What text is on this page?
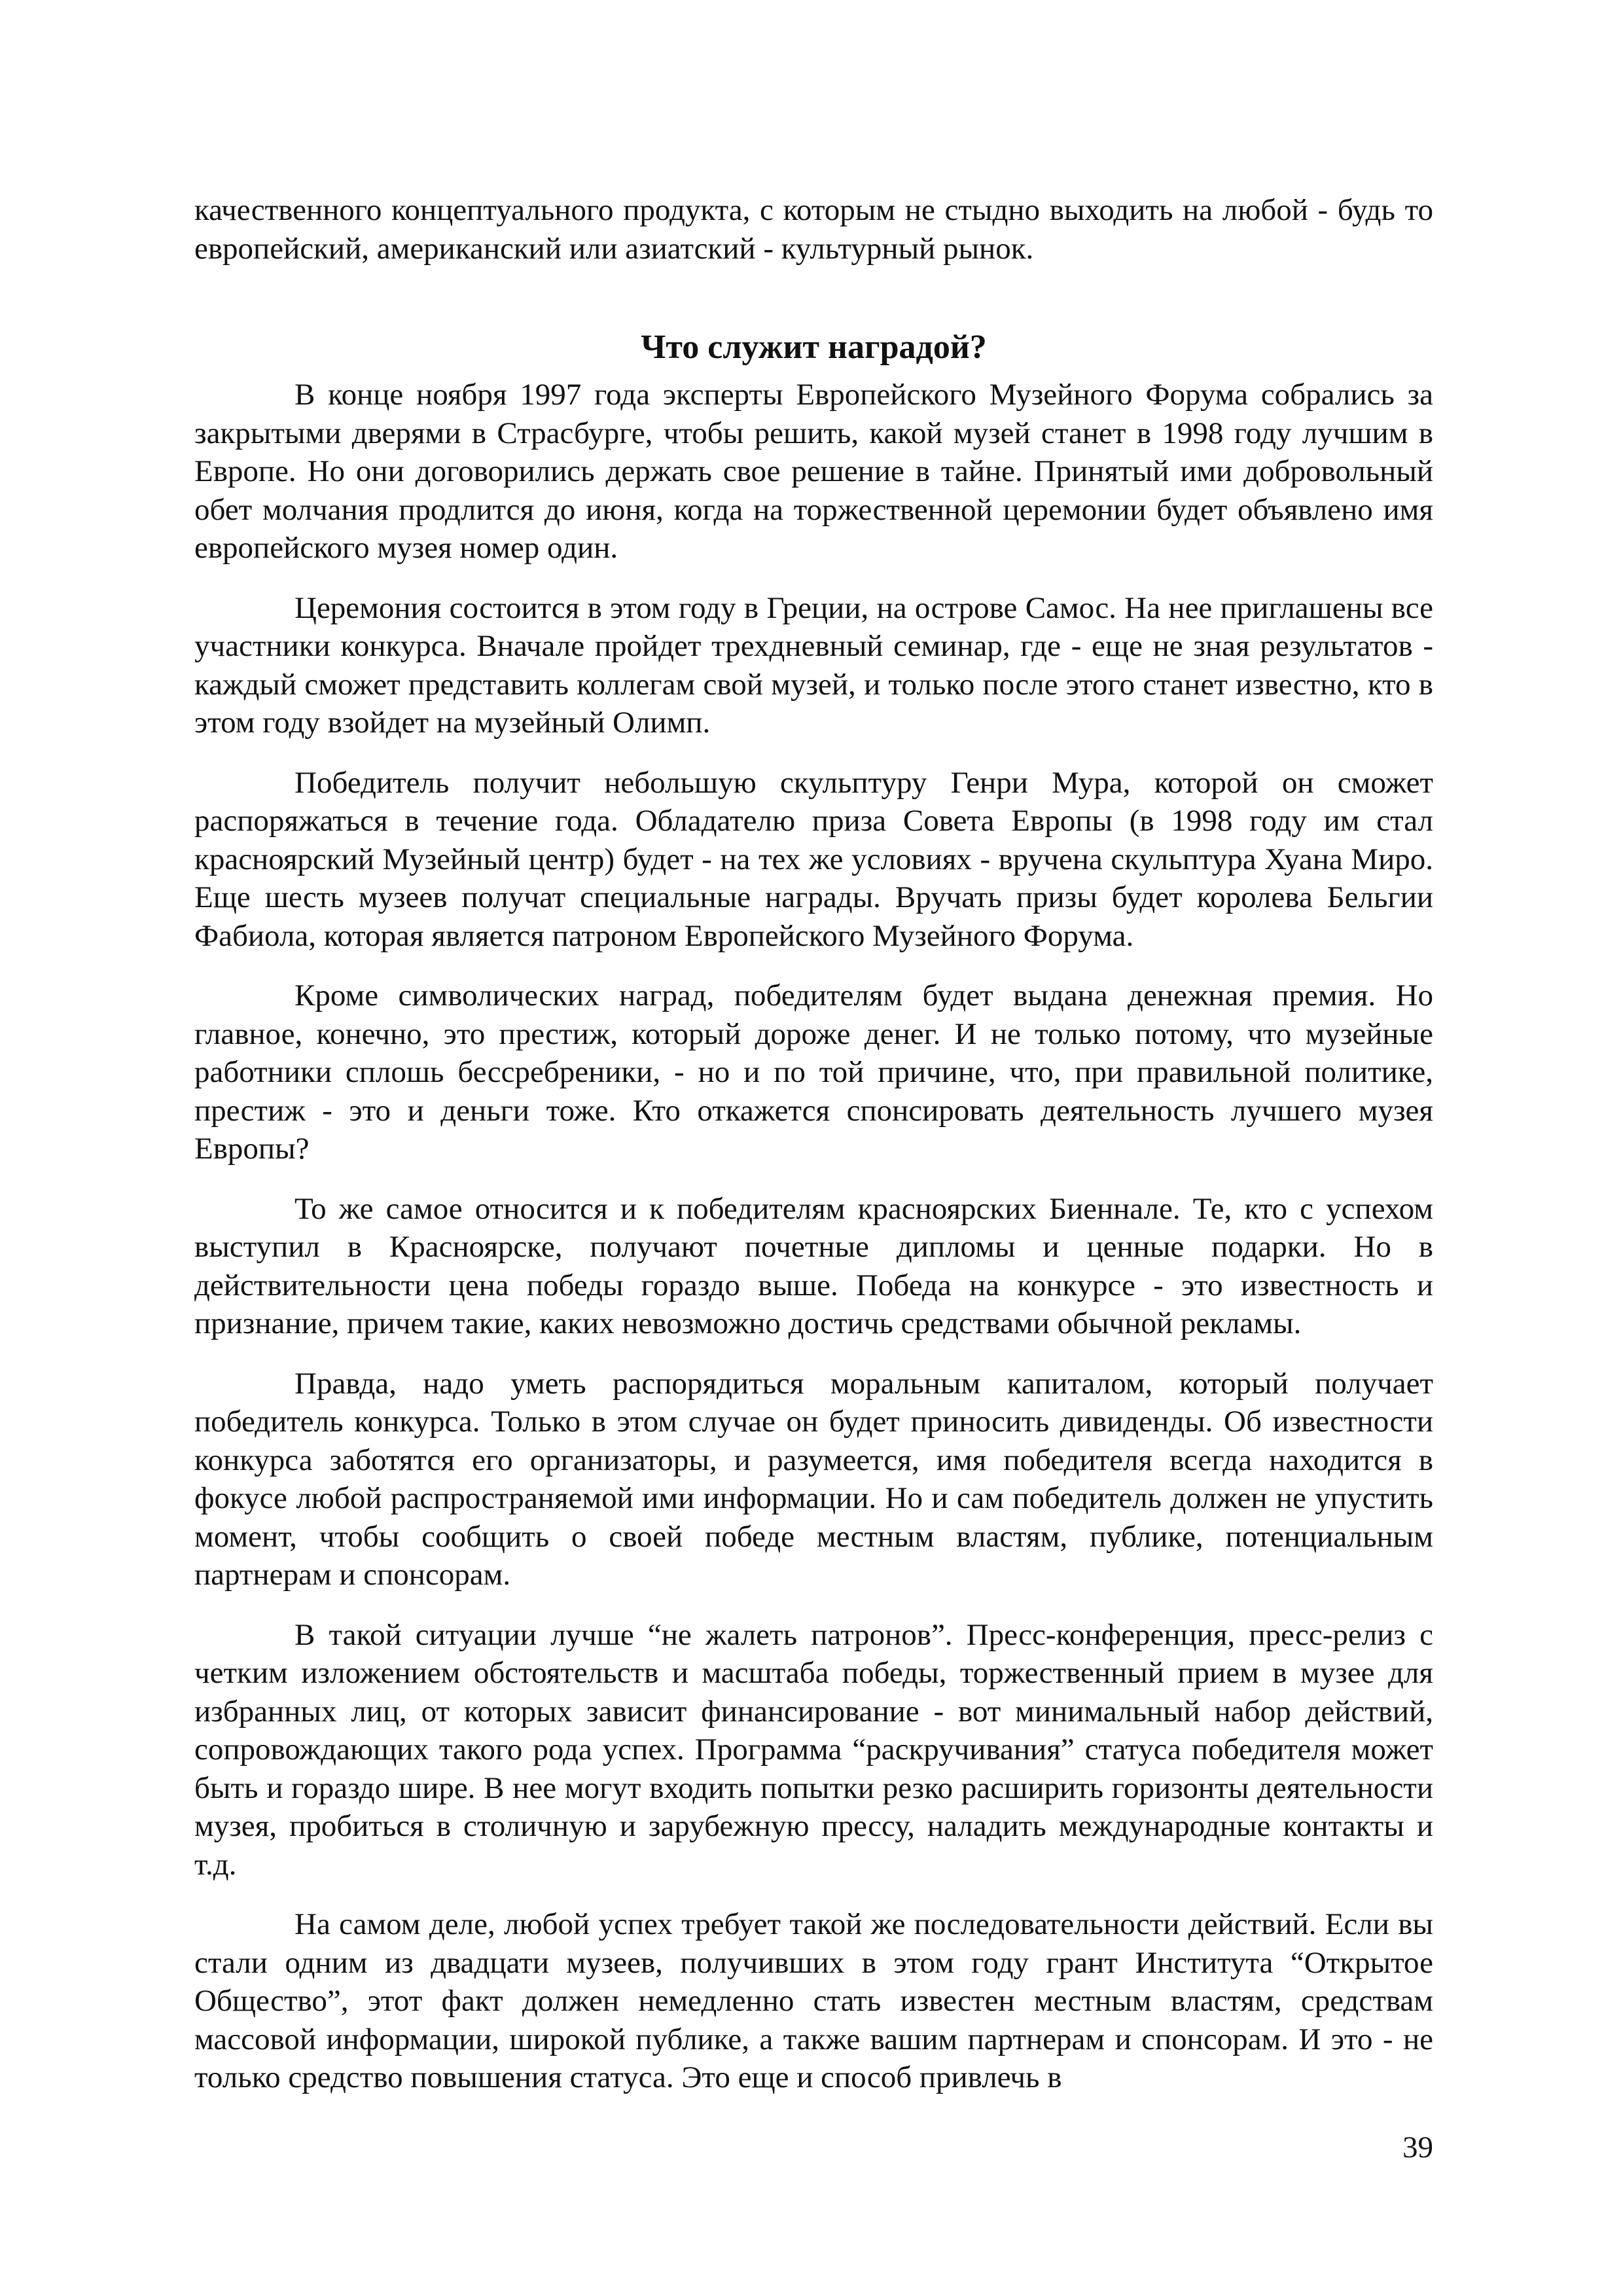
качественного концептуального продукта, с которым не стыдно выходить на любой - будь то европейский, американский или азиатский - культурный рынок.

Что служит наградой?

В конце ноября 1997 года эксперты Европейского Музейного Форума собрались за закрытыми дверями в Страсбурге, чтобы решить, какой музей станет в 1998 году лучшим в Европе. Но они договорились держать свое решение в тайне. Принятый ими добровольный обет молчания продлится до июня, когда на торжественной церемонии будет объявлено имя европейского музея номер один.

Церемония состоится в этом году в Греции, на острове Самос. На нее приглашены все участники конкурса. Вначале пройдет трехдневный семинар, где - еще не зная результатов - каждый сможет представить коллегам свой музей, и только после этого станет известно, кто в этом году взойдет на музейный Олимп.

Победитель получит небольшую скульптуру Генри Мура, которой он сможет распоряжаться в течение года. Обладателю приза Совета Европы (в 1998 году им стал красноярский Музейный центр) будет - на тех же условиях - вручена скульптура Хуана Миро. Еще шесть музеев получат специальные награды. Вручать призы будет королева Бельгии Фабиола, которая является патроном Европейского Музейного Форума.

Кроме символических наград, победителям будет выдана денежная премия. Но главное, конечно, это престиж, который дороже денег. И не только потому, что музейные работники сплошь бессребреники, - но и по той причине, что, при правильной политике, престиж - это и деньги тоже. Кто откажется спонсировать деятельность лучшего музея Европы?

То же самое относится и к победителям красноярских Биеннале. Те, кто с успехом выступил в Красноярске, получают почетные дипломы и ценные подарки. Но в действительности цена победы гораздо выше. Победа на конкурсе - это известность и признание, причем такие, каких невозможно достичь средствами обычной рекламы.

Правда, надо уметь распорядиться моральным капиталом, который получает победитель конкурса. Только в этом случае он будет приносить дивиденды. Об известности конкурса заботятся его организаторы, и разумеется, имя победителя всегда находится в фокусе любой распространяемой ими информации. Но и сам победитель должен не упустить момент, чтобы сообщить о своей победе местным властям, публике, потенциальным партнерам и спонсорам.

В такой ситуации лучше “не жалеть патронов”. Пресс-конференция, пресс-релиз с четким изложением обстоятельств и масштаба победы, торжественный прием в музее для избранных лиц, от которых зависит финансирование - вот минимальный набор действий, сопровождающих такого рода успех. Программа “раскручивания” статуса победителя может быть и гораздо шире. В нее могут входить попытки резко расширить горизонты деятельности музея, пробиться в столичную и зарубежную прессу, наладить международные контакты и т.д.

На самом деле, любой успех требует такой же последовательности действий. Если вы стали одним из двадцати музеев, получивших в этом году грант Института “Открытое Общество”, этот факт должен немедленно стать известен местным властям, средствам массовой информации, широкой публике, а также вашим партнерам и спонсорам. И это - не только средство повышения статуса. Это еще и способ привлечь в

39
